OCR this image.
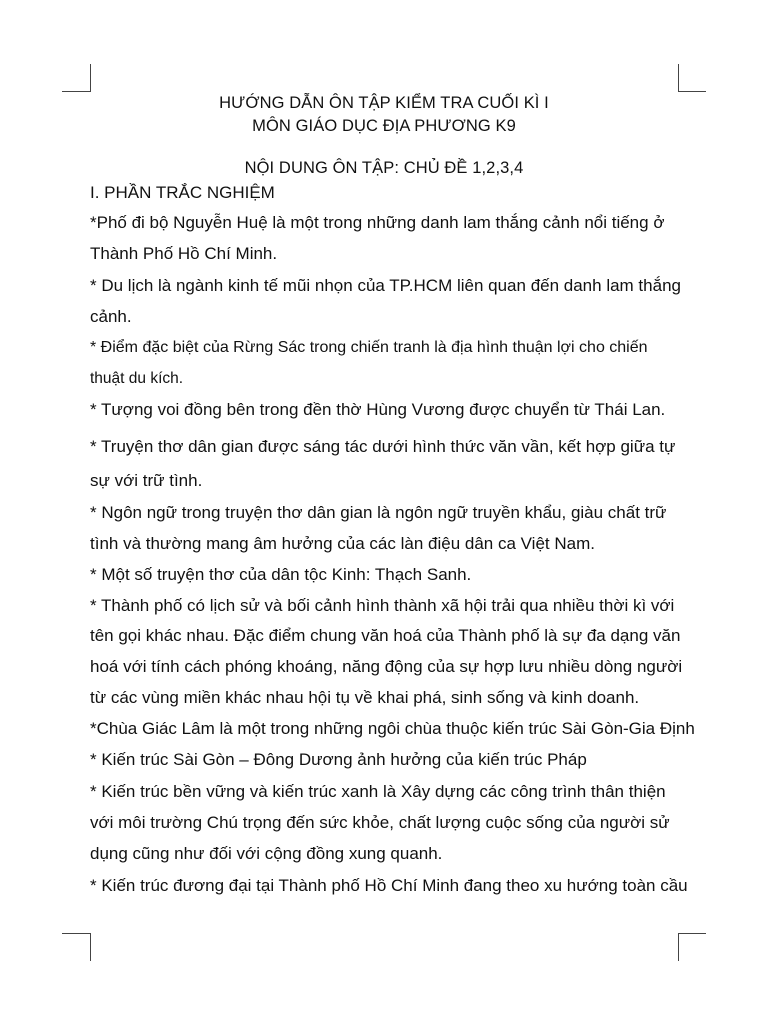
HƯỚNG DẪN ÔN TẬP KIỂM TRA CUỐI KÌ I
MÔN GIÁO DỤC ĐỊA PHƯƠNG K9
NỘI DUNG ÔN TẬP: CHỦ ĐỀ 1,2,3,4
I. PHẦN TRẮC NGHIỆM
*Phố đi bộ Nguyễn Huệ là một trong những danh lam thắng cảnh nổi tiếng ở
Thành Phố Hồ Chí Minh.
* Du lịch là ngành kinh tế mũi nhọn của TP.HCM liên quan đến danh lam thắng
cảnh.
* Điểm đặc biệt của Rừng Sác trong chiến tranh là địa hình thuận lợi cho chiến
thuật du kích.
* Tượng voi đồng bên trong đền thờ Hùng Vương được chuyển từ Thái Lan.
* Truyện thơ dân gian được sáng tác dưới hình thức văn vần, kết hợp giữa tự
sự với trữ tình.
* Ngôn ngữ trong truyện thơ dân gian là ngôn ngữ truyền khẩu, giàu chất trữ
tình và thường mang âm hưởng của các làn điệu dân ca Việt Nam.
* Một số truyện thơ của dân tộc Kinh: Thạch Sanh.
* Thành phố có lịch sử và bối cảnh hình thành xã hội trải qua nhiều thời kì với
tên gọi khác nhau. Đặc điểm chung văn hoá của Thành phố là sự đa dạng văn
hoá với tính cách phóng khoáng, năng động của sự hợp lưu nhiều dòng người
từ các vùng miền khác nhau hội tụ về khai phá, sinh sống và kinh doanh.
*Chùa Giác Lâm là một trong những ngôi chùa thuộc kiến trúc Sài Gòn-Gia Định
* Kiến trúc Sài Gòn – Đông Dương ảnh hưởng của kiến trúc Pháp
* Kiến trúc bền vững và kiến trúc xanh là Xây dựng các công trình thân thiện
với môi trường Chú trọng đến sức khỏe, chất lượng cuộc sống của người sử
dụng cũng như đối với cộng đồng xung quanh.
* Kiến trúc đương đại tại Thành phố Hồ Chí Minh đang theo xu hướng toàn cầu
